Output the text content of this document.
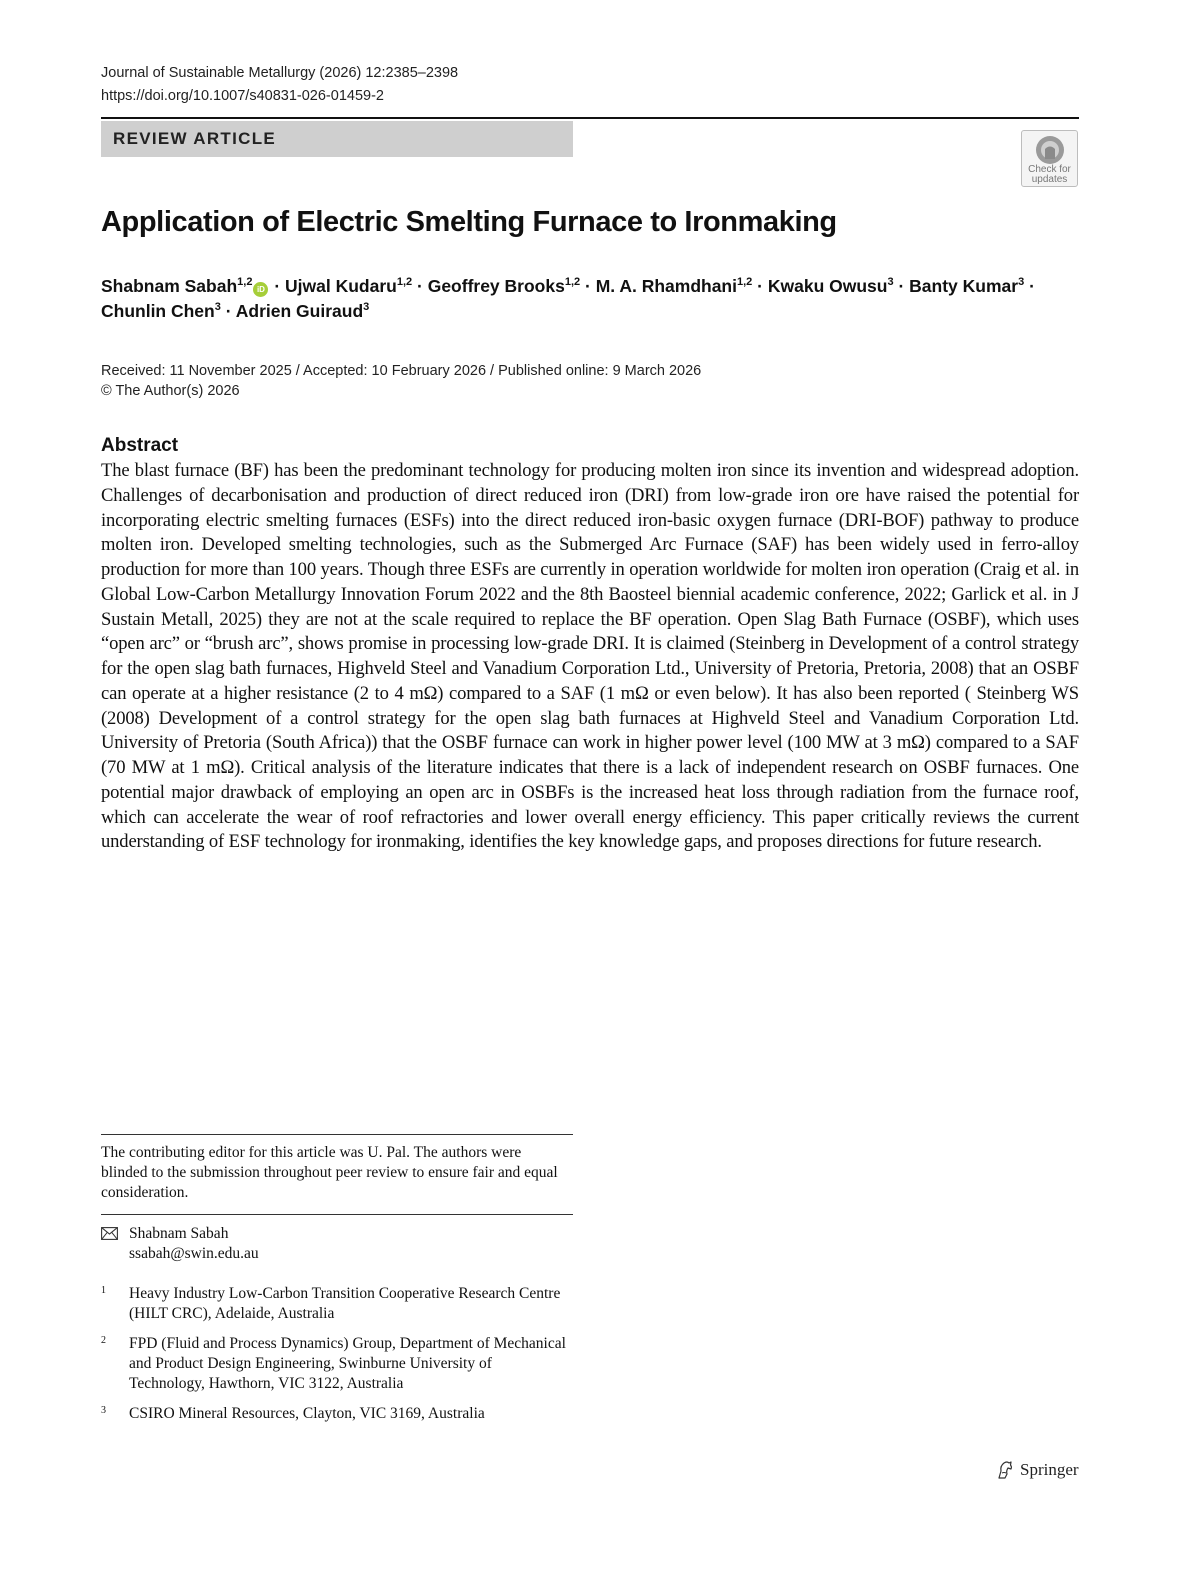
Journal of Sustainable Metallurgy (2026) 12:2385–2398
https://doi.org/10.1007/s40831-026-01459-2
REVIEW ARTICLE
Check for
updates
Application of Electric Smelting Furnace to Ironmaking
Shabnam Sabah$^{1,2}$iD · Ujwal Kudaru$^{1,2}$ · Geoffrey Brooks$^{1,2}$ · M. A. Rhamdhani$^{1,2}$ · Kwaku Owusu$^3$ · Banty Kumar$^3$ ·
Chunlin Chen$^3$ · Adrien Guiraud$^3$
Received: 11 November 2025 / Accepted: 10 February 2026 / Published online: 9 March 2026
© The Author(s) 2026
Abstract

The blast furnace (BF) has been the predominant technology for producing molten iron since its invention and widespread adoption. Challenges of decarbonisation and production of direct reduced iron (DRI) from low-grade iron ore have raised the potential for incorporating electric smelting furnaces (ESFs) into the direct reduced iron-basic oxygen furnace (DRI-BOF) pathway to produce molten iron. Developed smelting technologies, such as the Submerged Arc Furnace (SAF) has been widely used in ferro-alloy production for more than 100 years. Though three ESFs are currently in operation worldwide for molten iron operation (Craig et al. in Global Low-Carbon Metallurgy Innovation Forum 2022 and the 8th Baosteel biennial academic conference, 2022; Garlick et al. in J Sustain Metall, 2025) they are not at the scale required to replace the BF operation. Open Slag Bath Furnace (OSBF), which uses “open arc” or “brush arc”, shows promise in processing low-grade DRI. It is claimed (Steinberg in Development of a control strategy for the open slag bath furnaces, Highveld Steel and Vanadium Corporation Ltd., University of Pretoria, Pretoria, 2008) that an OSBF can operate at a higher resistance (2 to 4 mΩ) compared to a SAF (1 mΩ or even below). It has also been reported ( Steinberg WS (2008) Development of a control strategy for the open slag bath furnaces at Highveld Steel and Vanadium Corporation Ltd. University of Pretoria (South Africa)) that the OSBF furnace can work in higher power level (100 MW at 3 mΩ) compared to a SAF (70 MW at 1 mΩ). Critical analysis of the literature indicates that there is a lack of independent research on OSBF furnaces. One potential major drawback of employing an open arc in OSBFs is the increased heat loss through radiation from the furnace roof, which can accelerate the wear of roof refractories and lower overall energy efficiency. This paper critically reviews the current understanding of ESF technology for ironmaking, identifies the key knowledge gaps, and proposes directions for future research.

The contributing editor for this article was U. Pal. The authors were blinded to the submission throughout peer review to ensure fair and equal consideration.

Shabnam Sabah
ssabah@swin.edu.au
1 Heavy Industry Low-Carbon Transition Cooperative Research Centre (HILT CRC), Adelaide, Australia
2 FPD (Fluid and Process Dynamics) Group, Department of Mechanical and Product Design Engineering, Swinburne University of Technology, Hawthorn, VIC 3122, Australia
3 CSIRO Mineral Resources, Clayton, VIC 3169, Australia
Springer
